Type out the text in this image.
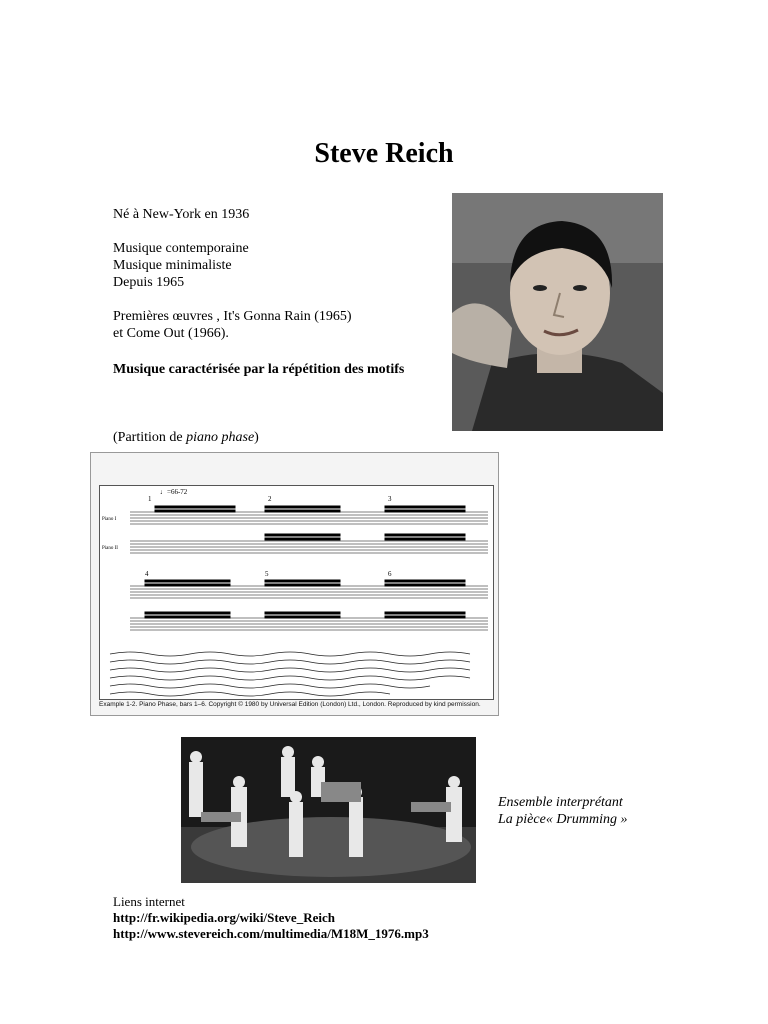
Steve Reich
Né à New-York en 1936
Musique contemporaine
Musique minimaliste
Depuis 1965
Premières œuvres , It's Gonna Rain (1965)
et Come Out (1966).
Musique caractérisée par la répétition des motifs
(Partition de piano phase)
1	2	3
4	5	6
♩=66-72
Piano I
Piano II
Example 1-2. Piano Phase, bars 1–6. Copyright © 1980 by Universal Edition (London) Ltd., London. Reproduced by kind permission.
Ensemble interprétant
La pièce« Drumming »
Liens internet
http://fr.wikipedia.org/wiki/Steve_Reich
http://www.stevereich.com/multimedia/M18M_1976.mp3
